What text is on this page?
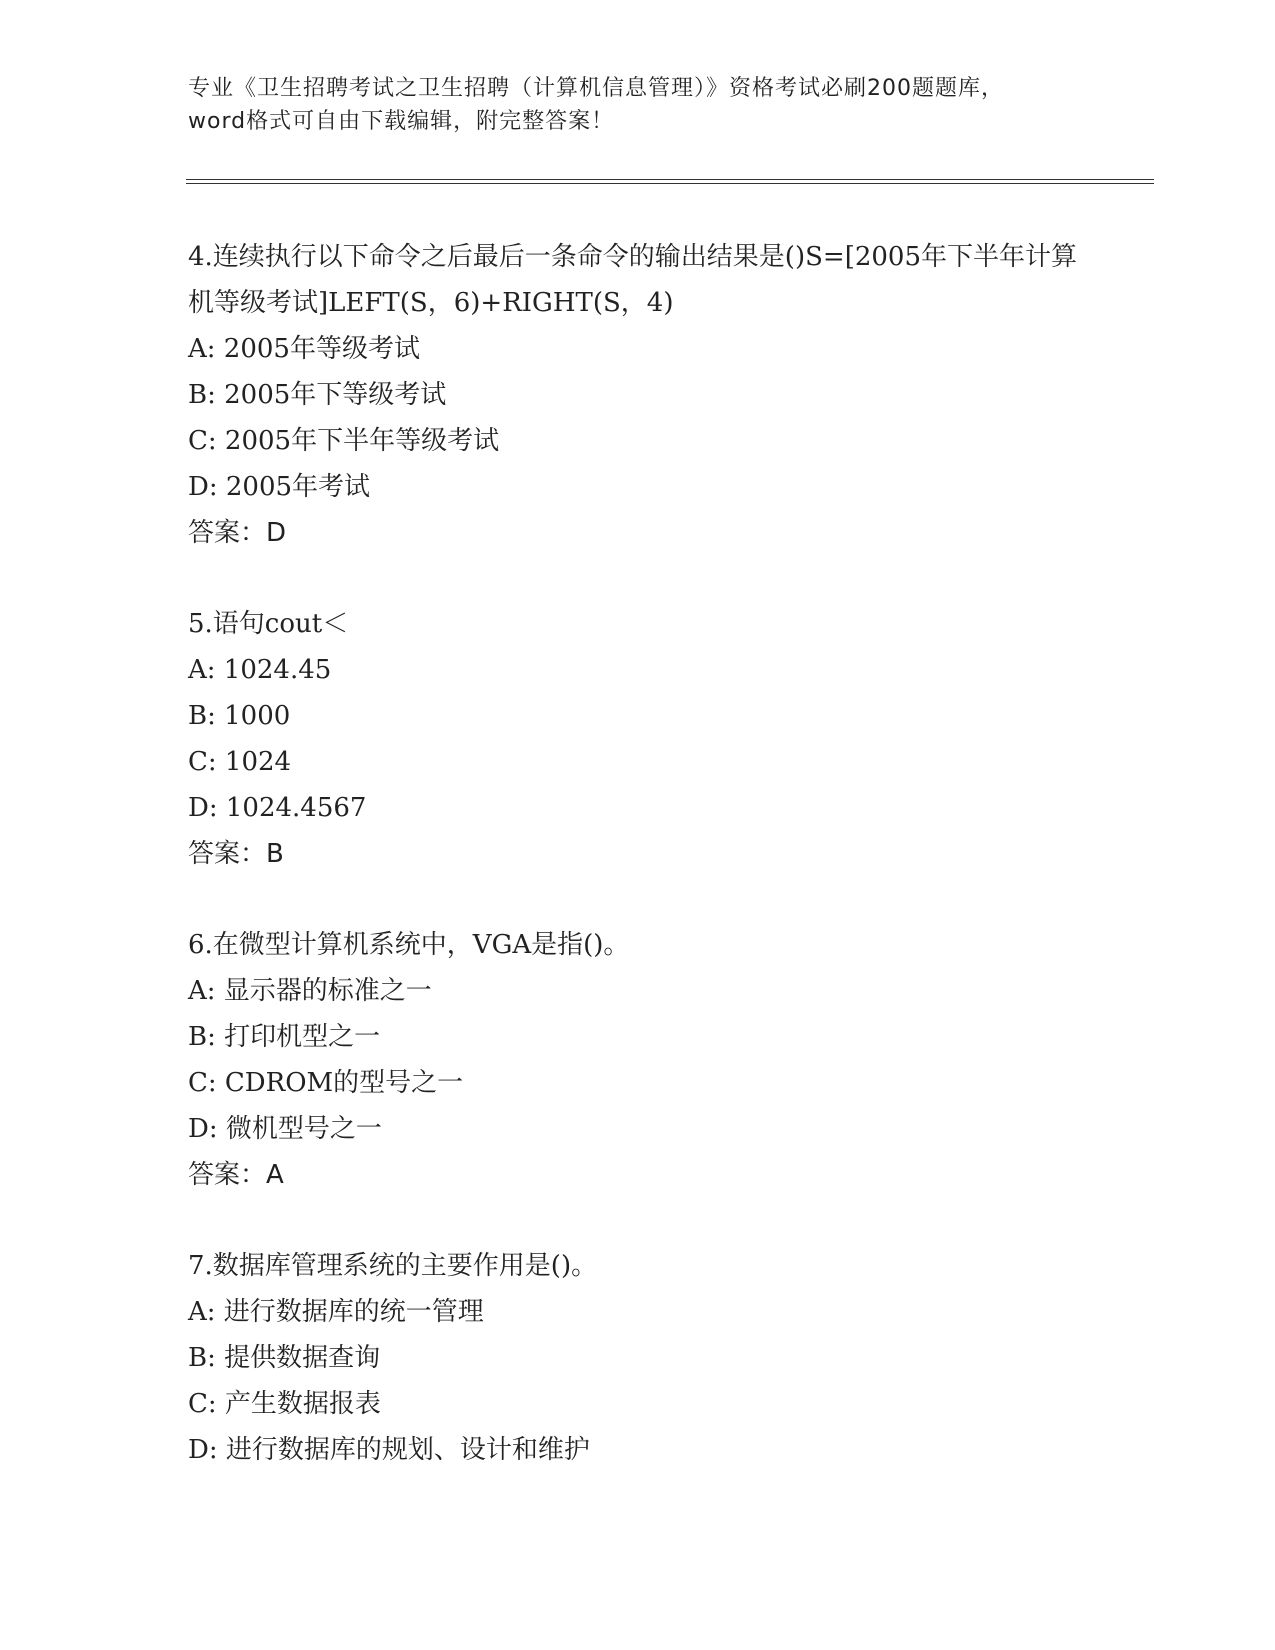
专业《卫生招聘考试之卫生招聘（计算机信息管理）》资格考试必刷200题题库，
word格式可自由下载编辑，附完整答案！
4.连续执行以下命令之后最后一条命令的输出结果是()S=[2005年下半年计算机等级考试]LEFT(S，6)+RIGHT(S，4)
A: 2005年等级考试
B: 2005年下等级考试
C: 2005年下半年等级考试
D: 2005年考试
答案：D
5.语句cout＜
A: 1024.45
B: 1000
C: 1024
D: 1024.4567
答案：B
6.在微型计算机系统中，VGA是指()。
A: 显示器的标准之一
B: 打印机型之一
C: CDROM的型号之一
D: 微机型号之一
答案：A
7.数据库管理系统的主要作用是()。
A: 进行数据库的统一管理
B: 提供数据查询
C: 产生数据报表
D: 进行数据库的规划、设计和维护
